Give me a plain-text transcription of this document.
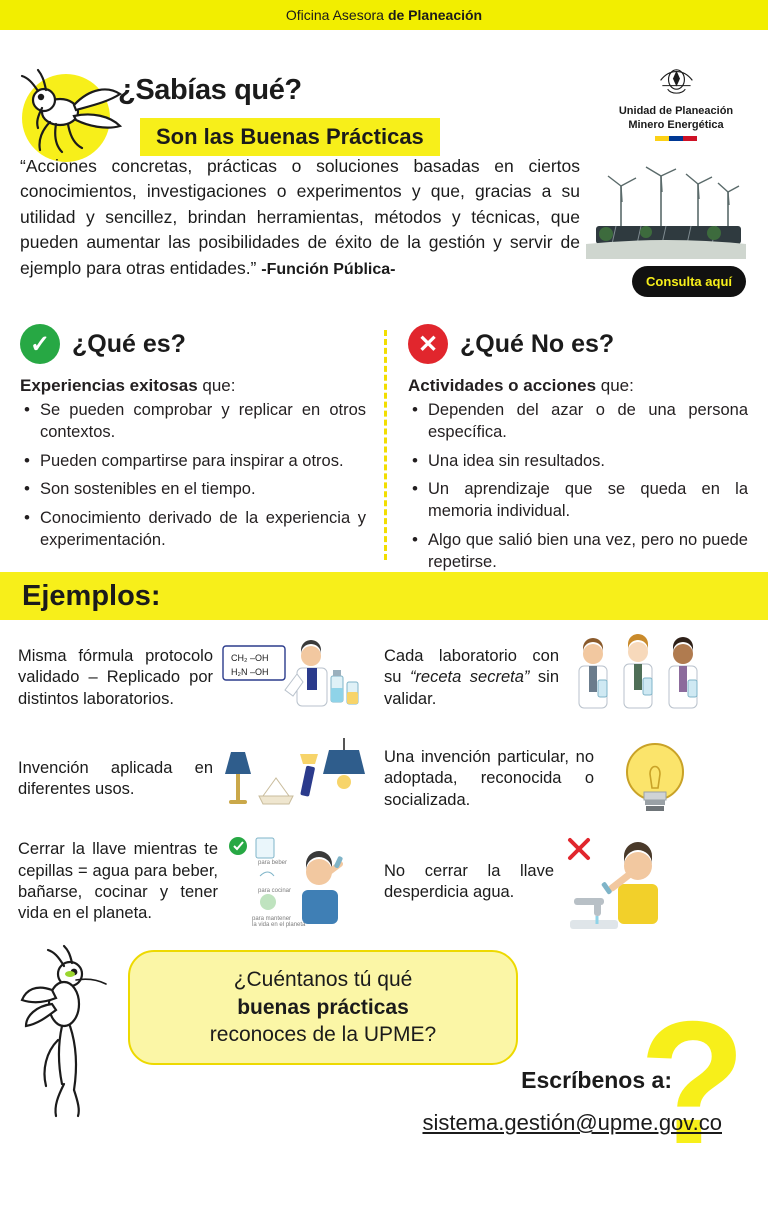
Oficina Asesora de Planeación
¿Sabías qué?
Son las Buenas Prácticas
Unidad de Planeación
Minero Energética

“Acciones concretas, prácticas o soluciones basadas en ciertos conocimientos, investigaciones o experimentos y que, gracias a su utilidad y sencillez, brindan herramientas, métodos y técnicas, que pueden aumentar las posibilidades de éxito de la gestión y servir de ejemplo para otras entidades.” -Función Pública-

Consulta aquí
✓ ¿Qué es?
Experiencias exitosas que:
• Se pueden comprobar y replicar en otros contextos.
• Pueden compartirse para inspirar a otros.
• Son sostenibles en el tiempo.
• Conocimiento derivado de la experiencia y experimentación.
✕ ¿Qué No es?
Actividades o acciones que:
• Dependen del azar o de una persona específica.
• Una idea sin resultados.
• Un aprendizaje que se queda en la memoria individual.
• Algo que salió bien una vez, pero no puede repetirse.
Ejemplos:
Misma fórmula protocolo validado – Replicado por distintos laboratorios.
CH₂ –OH
H₂N –OH
Cada laboratorio con su “receta secreta” sin validar.
Invención aplicada en diferentes usos.
Una invención particular, no adoptada, reconocida o socializada.
Cerrar la llave mientras te cepillas = agua para beber, bañarse, cocinar y tener vida en el planeta.
para beber
para cocinar
para mantener
la vida en el planeta
No cerrar la llave desperdicia agua.
?
¿Cuéntanos tú qué
buenas prácticas
reconoces de la UPME?
Escríbenos a:
sistema.gestión@upme.gov.co
